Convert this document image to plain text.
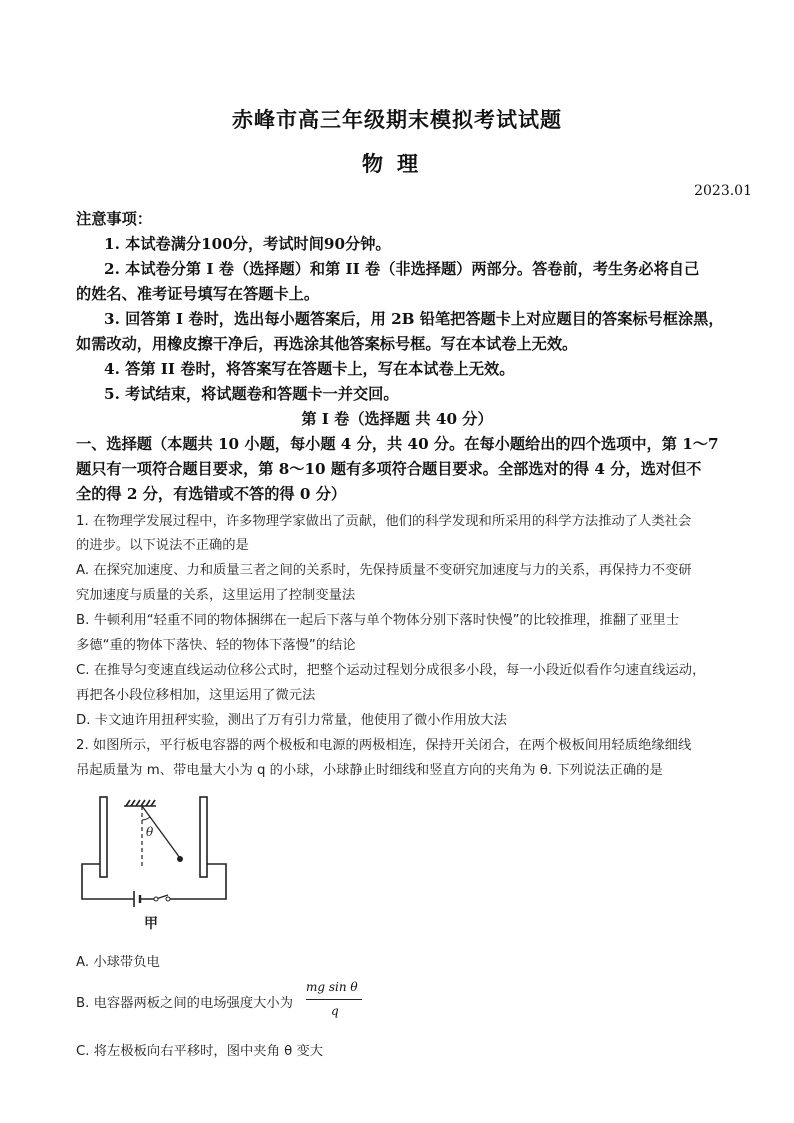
赤峰市高三年级期末模拟考试试题
物理
2023.01
注意事项：
1. 本试卷满分100分，考试时间90分钟。
2. 本试卷分第 I 卷（选择题）和第 II 卷（非选择题）两部分。答卷前，考生务必将自己
的姓名、准考证号填写在答题卡上。
3. 回答第 I 卷时，选出每小题答案后，用 2B 铅笔把答题卡上对应题目的答案标号框涂黑，
如需改动，用橡皮擦干净后，再选涂其他答案标号框。写在本试卷上无效。
4. 答第 II 卷时，将答案写在答题卡上，写在本试卷上无效。
5. 考试结束，将试题卷和答题卡一并交回。
第 I 卷（选择题 共 40 分）
一、选择题（本题共 10 小题，每小题 4 分，共 40 分。在每小题给出的四个选项中，第 1～7
题只有一项符合题目要求，第 8～10 题有多项符合题目要求。全部选对的得 4 分，选对但不
全的得 2 分，有选错或不答的得 0 分）
1. 在物理学发展过程中，许多物理学家做出了贡献，他们的科学发现和所采用的科学方法推动了人类社会
的进步。以下说法不正确的是
A. 在探究加速度、力和质量三者之间的关系时，先保持质量不变研究加速度与力的关系，再保持力不变研
究加速度与质量的关系，这里运用了控制变量法
B. 牛顿利用“轻重不同的物体捆绑在一起后下落与单个物体分别下落时快慢”的比较推理，推翻了亚里士
多德“重的物体下落快、轻的物体下落慢”的结论
C. 在推导匀变速直线运动位移公式时，把整个运动过程划分成很多小段，每一小段近似看作匀速直线运动，
再把各小段位移相加，这里运用了微元法
D. 卡文迪许用扭秤实验，测出了万有引力常量，他使用了微小作用放大法
2. 如图所示，平行板电容器的两个极板和电源的两极相连，保持开关闭合，在两个极板间用轻质绝缘细线
吊起质量为 m、带电量大小为 q 的小球，小球静止时细线和竖直方向的夹角为 θ. 下列说法正确的是
θ
甲
A. 小球带负电
B. 电容器两板之间的电场强度大小为
mg sin θ
q
C. 将左极板向右平移时，图中夹角 θ 变大
